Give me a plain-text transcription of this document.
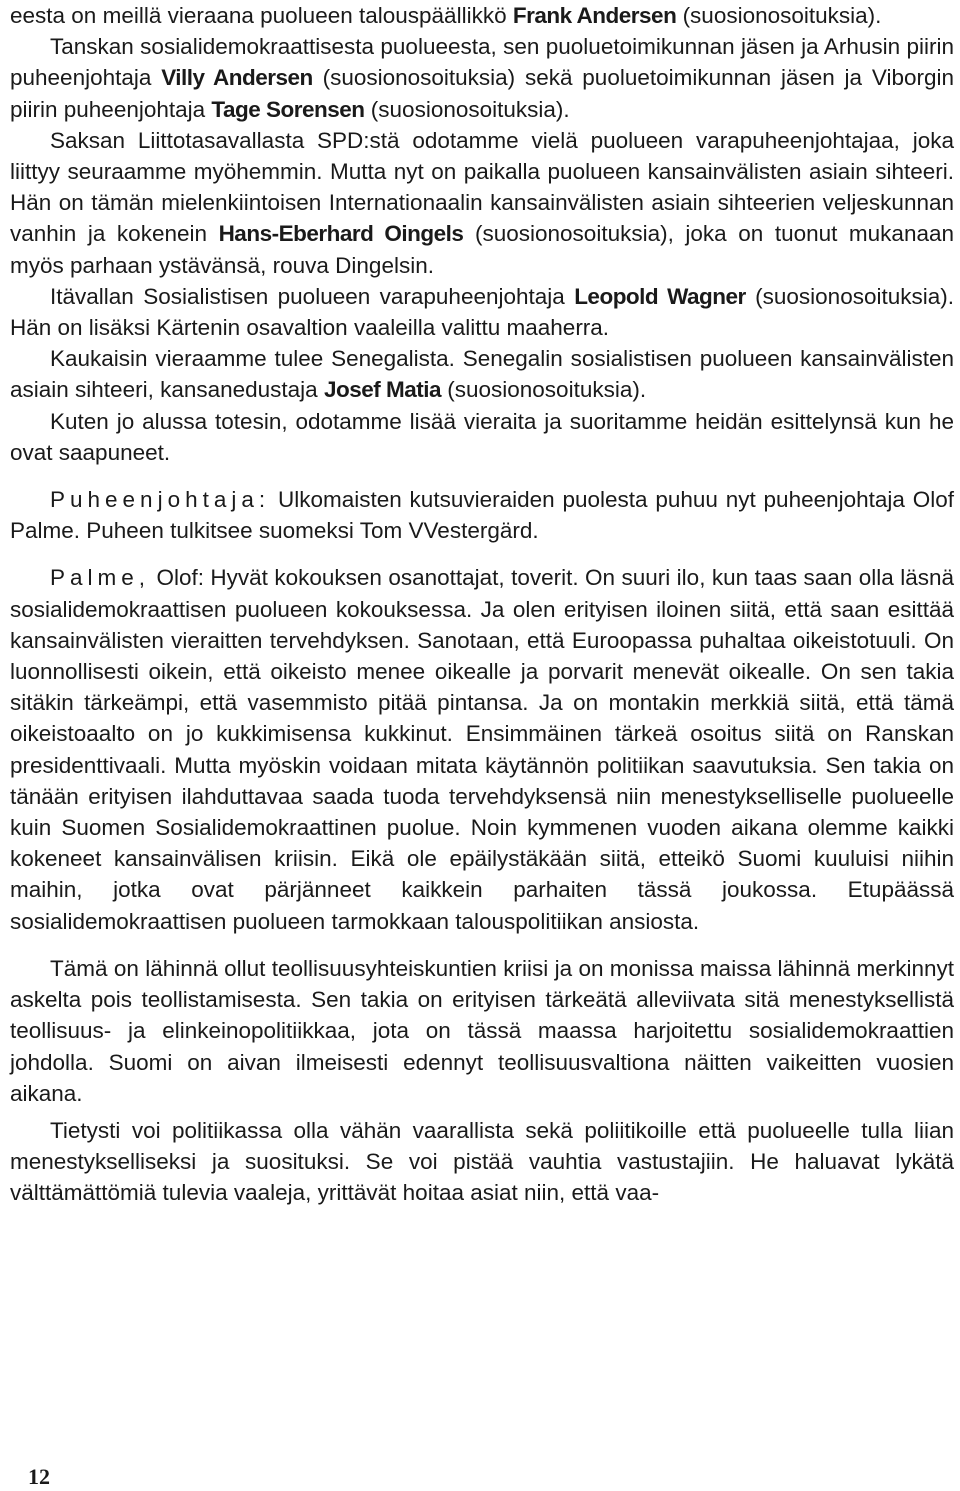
eesta on meillä vieraana puolueen talouspäällikkö Frank Andersen (suosionosoituksia).

Tanskan sosialidemokraattisesta puolueesta, sen puoluetoimikunnan jäsen ja Arhusin piirin puheenjohtaja Villy Andersen (suosionosoituksia) sekä puoluetoimikunnan jäsen ja Viborgin piirin puheenjohtaja Tage Sorensen (suosionosoituksia).

Saksan Liittotasavallasta SPD:stä odotamme vielä puolueen varapuheenjohtajaa, joka liittyy seuraamme myöhemmin. Mutta nyt on paikalla puolueen kansainvälisten asiain sihteeri. Hän on tämän mielenkiintoisen Internationaalin kansainvälisten asiain sihteerien veljeskunnan vanhin ja kokenein Hans-Eberhard Oingels (suosionosoituksia), joka on tuonut mukanaan myös parhaan ystävänsä, rouva Dingelsin.

Itävallan Sosialistisen puolueen varapuheenjohtaja Leopold Wagner (suosionosoituksia). Hän on lisäksi Kärtenin osavaltion vaaleilla valittu maaherra.

Kaukaisin vieraamme tulee Senegalista. Senegalin sosialistisen puolueen kansainvälisten asiain sihteeri, kansanedustaja Josef Matia (suosionosoituksia).

Kuten jo alussa totesin, odotamme lisää vieraita ja suoritamme heidän esittelynsä kun he ovat saapuneet.

Puheenjohtaja: Ulkomaisten kutsuvieraiden puolesta puhuu nyt puheenjohtaja Olof Palme. Puheen tulkitsee suomeksi Tom VVestergärd.

Palme, Olof: Hyvät kokouksen osanottajat, toverit. On suuri ilo, kun taas saan olla läsnä sosialidemokraattisen puolueen kokouksessa. Ja olen erityisen iloinen siitä, että saan esittää kansainvälisten vieraitten tervehdyksen. Sanotaan, että Euroopassa puhaltaa oikeistotuuli. On luonnollisesti oikein, että oikeisto menee oikealle ja porvarit menevät oikealle. On sen takia sitäkin tärkeämpi, että vasemmisto pitää pintansa. Ja on montakin merkkiä siitä, että tämä oikeistoaalto on jo kukkimisensa kukkinut. Ensimmäinen tärkeä osoitus siitä on Ranskan presidenttivaali. Mutta myöskin voidaan mitata käytännön politiikan saavutuksia. Sen takia on tänään erityisen ilahduttavaa saada tuoda tervehdyksensä niin menestykselliselle puolueelle kuin Suomen Sosialidemokraattinen puolue. Noin kymmenen vuoden aikana olemme kaikki kokeneet kansainvälisen kriisin. Eikä ole epäilystäkään siitä, etteikö Suomi kuuluisi niihin maihin, jotka ovat pärjänneet kaikkein parhaiten tässä joukossa. Etupäässä sosialidemokraattisen puolueen tarmokkaan talouspolitiikan ansiosta.

Tämä on lähinnä ollut teollisuusyhteiskuntien kriisi ja on monissa maissa lähinnä merkinnyt askelta pois teollistamisesta. Sen takia on erityisen tärkeätä alleviivata sitä menestyksellistä teollisuus- ja elinkeinopolitiikkaa, jota on tässä maassa harjoitettu sosialidemokraattien johdolla. Suomi on aivan ilmeisesti edennyt teollisuusvaltiona näitten vaikeitten vuosien aikana.

Tietysti voi politiikassa olla vähän vaarallista sekä poliitikoille että puolueelle tulla liian menestykselliseksi ja suosituksi. Se voi pistää vauhtia vastustajiin. He haluavat lykätä välttämättömiä tulevia vaaleja, yrittävät hoitaa asiat niin, että vaa-

12
